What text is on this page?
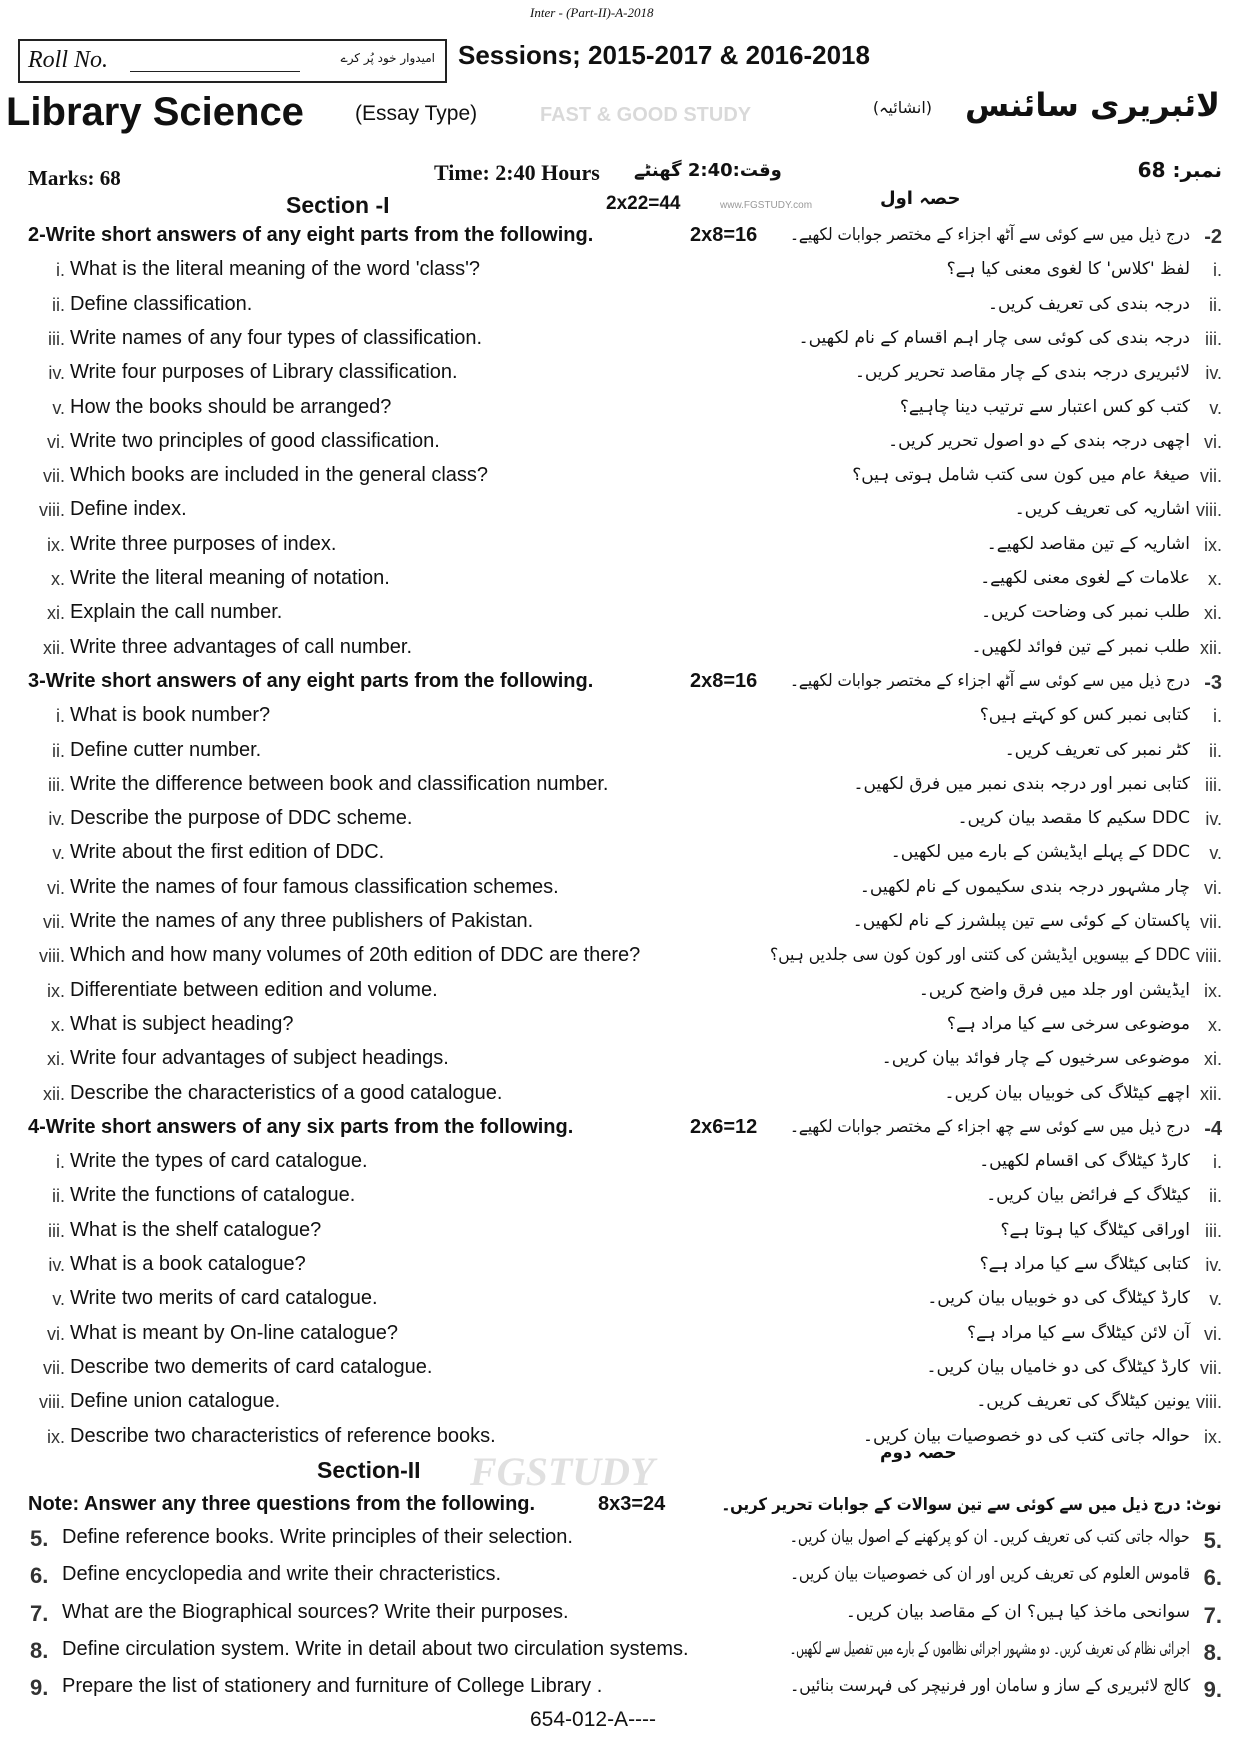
Inter - (Part-II)-A-2018
Roll No.	امیدوار خود پُر کرے Sessions; 2015-2017 & 2016-2018
Library Science (Essay Type)	لائبریری سائنس
(انشائیہ)
Marks: 68	Time: 2:40 Hours وقت:2:40 گھنٹے	نمبر: 68
Section -I	2x22=44	حصہ اول
2-Write short answers of any eight parts from the following.	2x8=16 درج ذیل میں سے کوئی سے آٹھ اجزاء کے مختصر جوابات لکھیے۔ -2
i. What is the literal meaning of the word 'class'?	لفظ 'کلاس' کا لغوی معنی کیا ہے؟ i.
ii. Define classification.	درجہ بندی کی تعریف کریں۔ ii.
iii. Write names of any four types of classification.	درجہ بندی کی کوئی سی چار اہم اقسام کے نام لکھیں۔ iii.
iv. Write four purposes of Library classification.	لائبریری درجہ بندی کے چار مقاصد تحریر کریں۔ iv.
v. How the books should be arranged?	کتب کو کس اعتبار سے ترتیب دینا چاہیے؟ v.
vi. Write two principles of good classification.	اچھی درجہ بندی کے دو اصول تحریر کریں۔ vi.
vii. Which books are included in the general class?	صیغۂ عام میں کون سی کتب شامل ہوتی ہیں؟ vii.
viii. Define index.	اشاریہ کی تعریف کریں۔ viii.
ix. Write three purposes of index.	اشاریہ کے تین مقاصد لکھیے۔ ix.
x. Write the literal meaning of notation.	علامات کے لغوی معنی لکھیے۔ x.
xi. Explain the call number.	طلب نمبر کی وضاحت کریں۔ xi.
xii. Write three advantages of call number.	طلب نمبر کے تین فوائد لکھیں۔ xii.
3-Write short answers of any eight parts from the following.	2x8=16 درج ذیل میں سے کوئی سے آٹھ اجزاء کے مختصر جوابات لکھیے۔ -3
i. What is book number?	کتابی نمبر کس کو کہتے ہیں؟ i.
ii. Define cutter number.	کٹر نمبر کی تعریف کریں۔ ii.
iii. Write the difference between book and classification number.	کتابی نمبر اور درجہ بندی نمبر میں فرق لکھیں۔ iii.
iv. Describe the purpose of DDC scheme.	DDC سکیم کا مقصد بیان کریں۔ iv.
v. Write about the first edition of DDC.	DDC کے پہلے ایڈیشن کے بارے میں لکھیں۔ v.
vi. Write the names of four famous classification schemes.	چار مشہور درجہ بندی سکیموں کے نام لکھیں۔ vi.
vii. Write the names of any three publishers of Pakistan.	پاکستان کے کوئی سے تین پبلشرز کے نام لکھیں۔ vii.
viii. Which and how many volumes of 20th edition of DDC are there?	DDC کے بیسویں ایڈیشن کی کتنی اور کون کون سی جلدیں ہیں؟ viii.
ix. Differentiate between edition and volume.	ایڈیشن اور جلد میں فرق واضح کریں۔ ix.
x. What is subject heading?	موضوعی سرخی سے کیا مراد ہے؟ x.
xi. Write four advantages of subject headings.	موضوعی سرخیوں کے چار فوائد بیان کریں۔ xi.
xii. Describe the characteristics of a good catalogue.	اچھے کیٹلاگ کی خوبیاں بیان کریں۔ xii.
4-Write short answers of any six parts from the following.	2x6=12 درج ذیل میں سے کوئی سے چھ اجزاء کے مختصر جوابات لکھیے۔ -4
i. Write the types of card catalogue.	کارڈ کیٹلاگ کی اقسام لکھیں۔ i.
ii. Write the functions of catalogue.	کیٹلاگ کے فرائض بیان کریں۔ ii.
iii. What is the shelf catalogue?	اوراقی کیٹلاگ کیا ہوتا ہے؟ iii.
iv. What is a book catalogue?	کتابی کیٹلاگ سے کیا مراد ہے؟ iv.
v. Write two merits of card catalogue.	کارڈ کیٹلاگ کی دو خوبیاں بیان کریں۔ v.
vi. What is meant by On-line catalogue?	آن لائن کیٹلاگ سے کیا مراد ہے؟ vi.
vii. Describe two demerits of card catalogue.	کارڈ کیٹلاگ کی دو خامیاں بیان کریں۔ vii.
viii. Define union catalogue.	یونین کیٹلاگ کی تعریف کریں۔ viii.
ix. Describe two characteristics of reference books.	حوالہ جاتی کتب کی دو خصوصیات بیان کریں۔ ix.
5. Define reference books. Write principles of their selection.	حوالہ جاتی کتب کی تعریف کریں۔ ان کو پرکھنے کے اصول بیان کریں۔ 5.
6. Define encyclopedia and write their chracteristics.	قاموس العلوم کی تعریف کریں اور ان کی خصوصیات بیان کریں۔ 6.
7. What are the Biographical sources? Write their purposes.	سوانحی ماخذ کیا ہیں؟ ان کے مقاصد بیان کریں۔ 7.
8. Define circulation system. Write in detail about two circulation systems.	اجرائی نظام کی تعریف کریں۔ دو مشہور اجرائی نظاموں کے بارے میں تفصیل سے لکھیں۔ 8.
9. Prepare the list of stationery and furniture of College Library .	کالج لائبریری کے ساز و سامان اور فرنیچر کی فہرست بنائیں۔ 9.
Section-II
حصہ دوم
Note: Answer any three questions from the following.	8x3=24	نوٹ: درج ذیل میں سے کوئی سے تین سوالات کے جوابات تحریر کریں۔
654-012-A----
FGSTUDY
www.FGSTUDY.com
FAST & GOOD STUDY
